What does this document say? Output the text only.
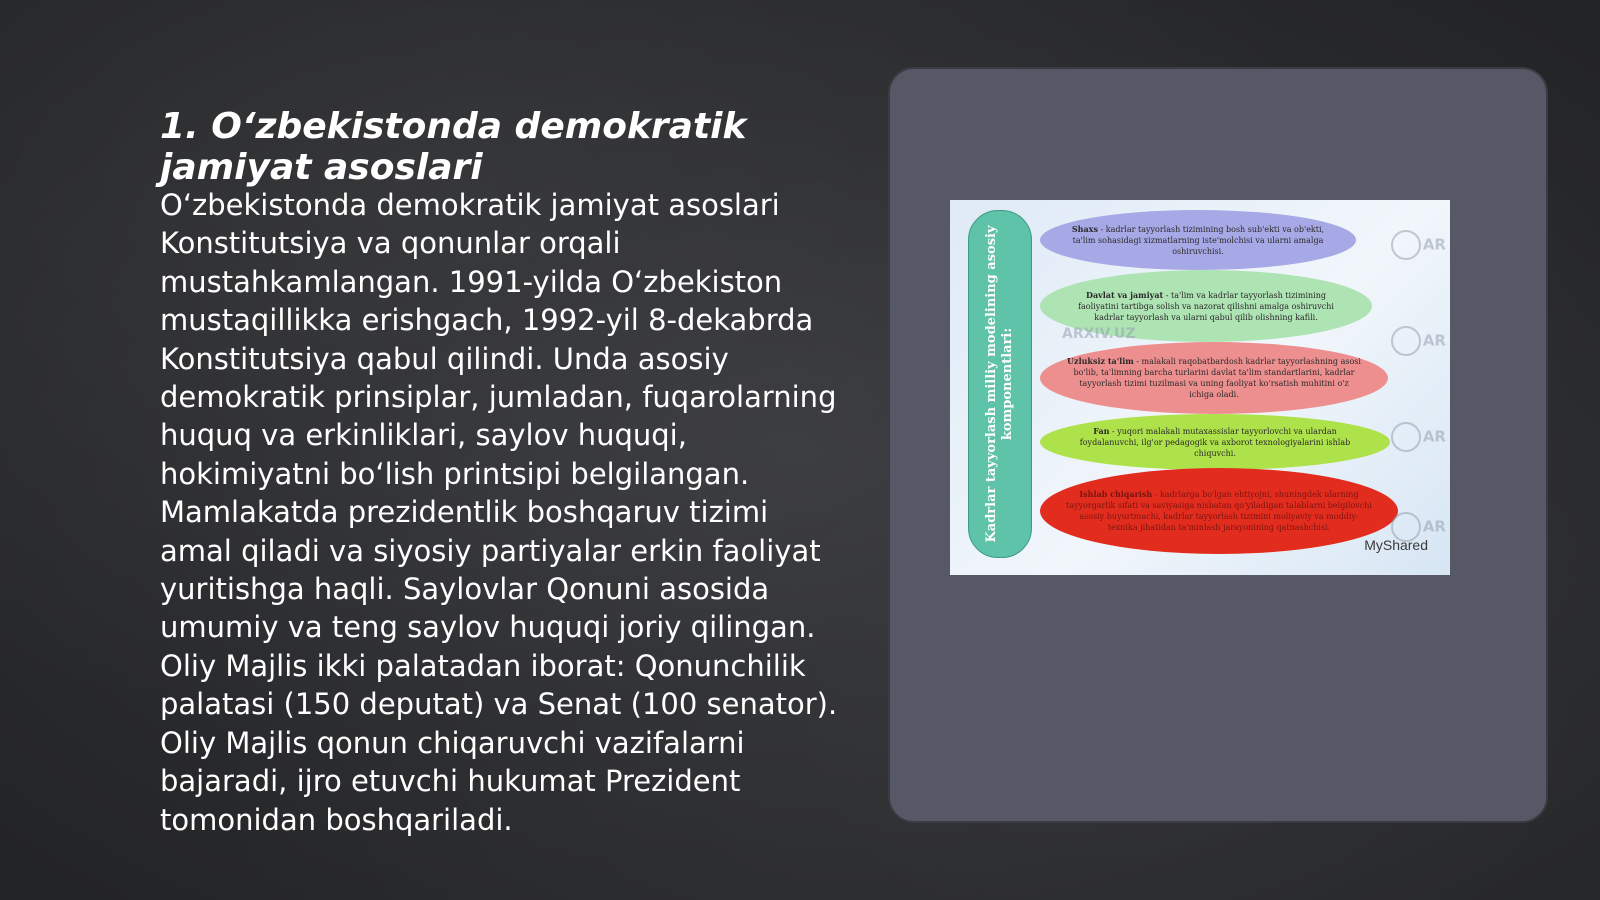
1. O‘zbekistonda demokratik jamiyat asoslari

O‘zbekistonda demokratik jamiyat asoslari Konstitutsiya va qonunlar orqali mustahkamlangan. 1991-yilda O‘zbekiston mustaqillikka erishgach, 1992-yil 8-dekabrda Konstitutsiya qabul qilindi. Unda asosiy demokratik prinsiplar, jumladan, fuqarolarning huquq va erkinliklari, saylov huquqi, hokimiyatni bo‘lish printsipi belgilangan. Mamlakatda prezidentlik boshqaruv tizimi amal qiladi va siyosiy partiyalar erkin faoliyat yuritishga haqli. Saylovlar Qonuni asosida umumiy va teng saylov huquqi joriy qilingan. Oliy Majlis ikki palatadan iborat: Qonunchilik palatasi (150 deputat) va Senat (100 senator). Oliy Majlis qonun chiqaruvchi vazifalarni bajaradi, ijro etuvchi hukumat Prezident tomonidan boshqariladi.

Kadrlar tayyorlash milliy modelining asosiy komponentlari:
Shaxs - kadrlar tayyorlash tizimining bosh sub'ekti va ob'ekti, ta'lim sohasidagi xizmatlarning iste'molchisi va ularni amalga oshiruvchisi.
Davlat va jamiyat - ta'lim va kadrlar tayyorlash tizimining faoliyatini tartibga solish va nazorat qilishni amalga oshiruvchi kadrlar tayyorlash va ularni qabul qilib olishning kafili.
Uzluksiz ta'lim - malakali raqobatbardosh kadrlar tayyorlashning asosi bo'lib, ta'limning barcha turlarini davlat ta'lim standartlarini, kadrlar tayyorlash tizimi tuzilmasi va uning faoliyat ko'rsatish muhitini o'z ichiga oladi.
Fan - yuqori malakali mutaxassislar tayyorlovchi va ulardan foydalanuvchi, ilg'or pedagogik va axborot texnologiyalarini ishlab chiquvchi.
Ishlab chiqarish - kadrlarga bo'lgan ehtiyojni, shuningdek ularning tayyorgarlik sifati va saviyasiga nisbatan qo'yiladigan talablarni belgilovchi asosiy buyurtmachi, kadrlar tayyorlash tizimini moliyaviy va moddiy-texnika jihatidan ta'minlash jarayonining qatnashchisi.
AR
AR
AR
AR
ARXIV.UZ
MyShared
